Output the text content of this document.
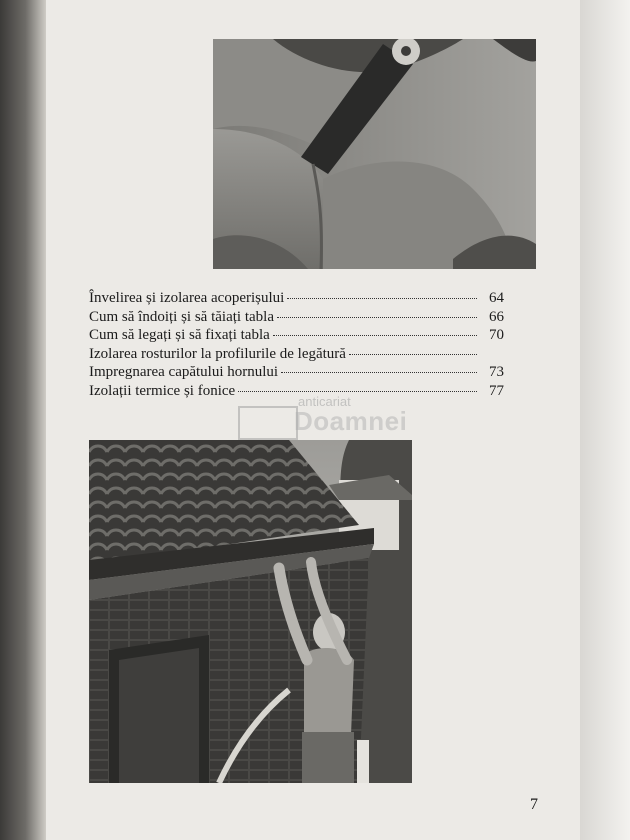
Învelirea și izolarea acoperișului	64
Cum să îndoiți și să tăiați tabla	66
Cum să legați și să fixați tabla	70
Izolarea rosturilor la profilurile de legătură
Impregnarea capătului hornului	73
Izolații termice și fonice	77
anticariat
Doamnei
7
